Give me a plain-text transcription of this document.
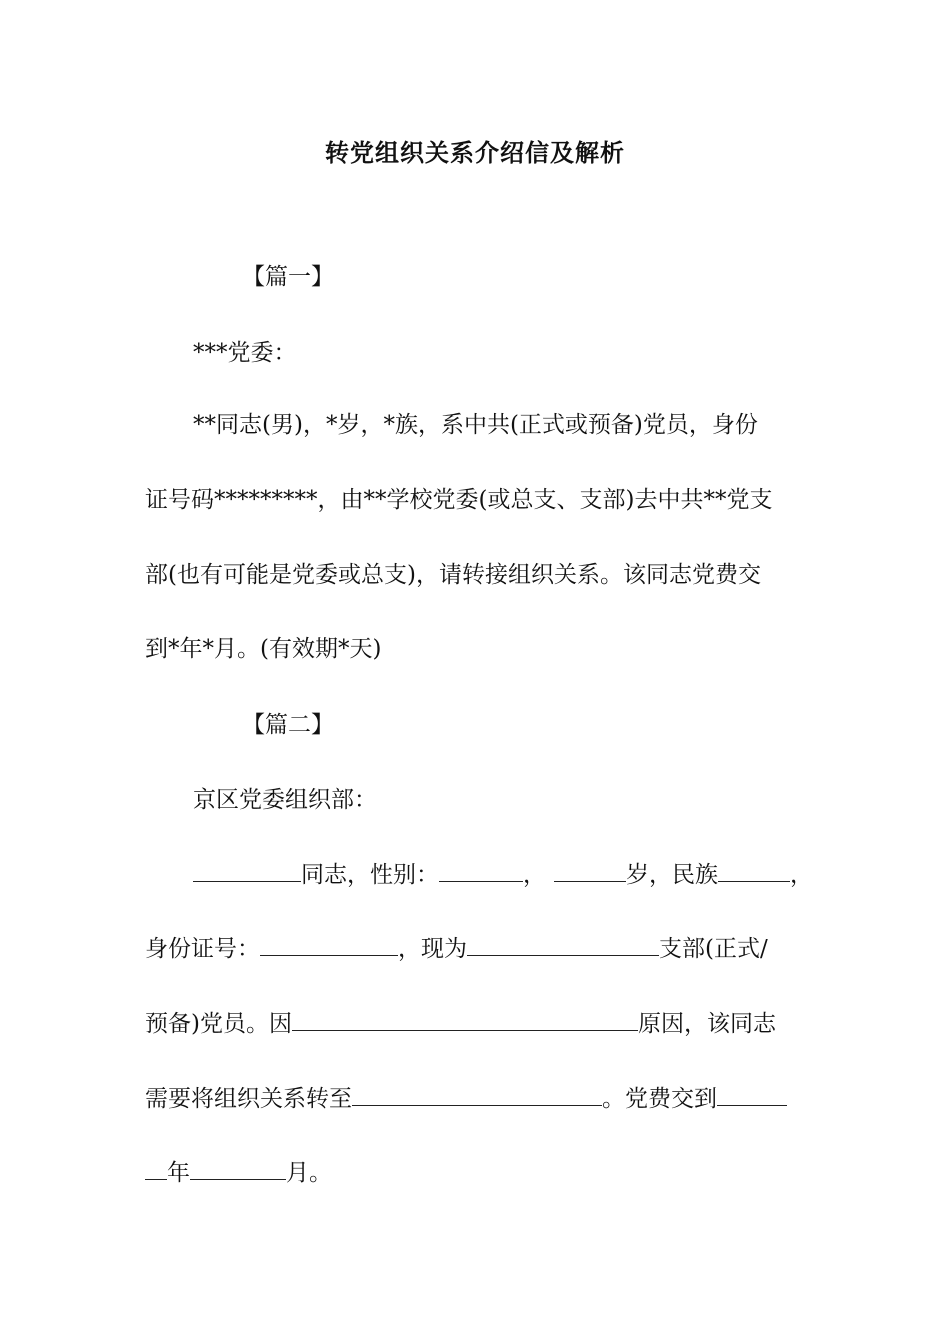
转党组织关系介绍信及解析
【篇一】
***党委：
**同志(男)，*岁，*族，系中共(正式或预备)党员，身份
证号码*********，由**学校党委(或总支、支部)去中共**党支
部(也有可能是党委或总支)，请转接组织关系。该同志党费交
到*年*月。(有效期*天)
【篇二】
京区党委组织部：
同志，性别：	，	岁，民族	，
身份证号：	，现为	支部(正式/
预备)党员。因	原因，该同志
需要将组织关系转至	。党费交到
年	月。
